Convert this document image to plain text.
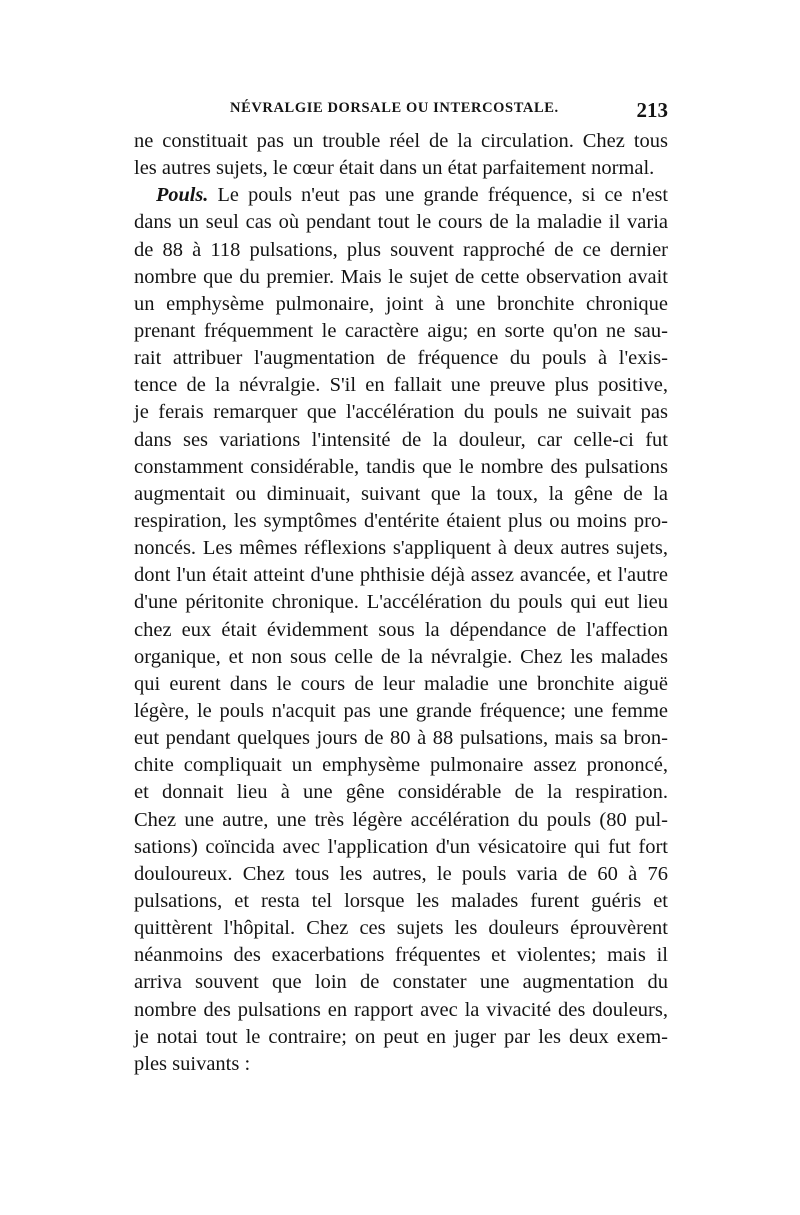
NÉVRALGIE DORSALE OU INTERCOSTALE.	213
ne constituait pas un trouble réel de la circulation. Chez tous
les autres sujets, le cœur était dans un état parfaitement normal.
Pouls. Le pouls n'eut pas une grande fréquence, si ce n'est
dans un seul cas où pendant tout le cours de la maladie il varia
de 88 à 118 pulsations, plus souvent rapproché de ce dernier
nombre que du premier. Mais le sujet de cette observation avait
un emphysème pulmonaire, joint à une bronchite chronique
prenant fréquemment le caractère aigu; en sorte qu'on ne sau-
rait attribuer l'augmentation de fréquence du pouls à l'exis-
tence de la névralgie. S'il en fallait une preuve plus positive,
je ferais remarquer que l'accélération du pouls ne suivait pas
dans ses variations l'intensité de la douleur, car celle-ci fut
constamment considérable, tandis que le nombre des pulsations
augmentait ou diminuait, suivant que la toux, la gêne de la
respiration, les symptômes d'entérite étaient plus ou moins pro-
noncés. Les mêmes réflexions s'appliquent à deux autres sujets,
dont l'un était atteint d'une phthisie déjà assez avancée, et l'autre
d'une péritonite chronique. L'accélération du pouls qui eut lieu
chez eux était évidemment sous la dépendance de l'affection
organique, et non sous celle de la névralgie. Chez les malades
qui eurent dans le cours de leur maladie une bronchite aiguë
légère, le pouls n'acquit pas une grande fréquence; une femme
eut pendant quelques jours de 80 à 88 pulsations, mais sa bron-
chite compliquait un emphysème pulmonaire assez prononcé,
et donnait lieu à une gêne considérable de la respiration.
Chez une autre, une très légère accélération du pouls (80 pul-
sations) coïncida avec l'application d'un vésicatoire qui fut fort
douloureux. Chez tous les autres, le pouls varia de 60 à 76
pulsations, et resta tel lorsque les malades furent guéris et
quittèrent l'hôpital. Chez ces sujets les douleurs éprouvèrent
néanmoins des exacerbations fréquentes et violentes; mais il
arriva souvent que loin de constater une augmentation du
nombre des pulsations en rapport avec la vivacité des douleurs,
je notai tout le contraire; on peut en juger par les deux exem-
ples suivants :
